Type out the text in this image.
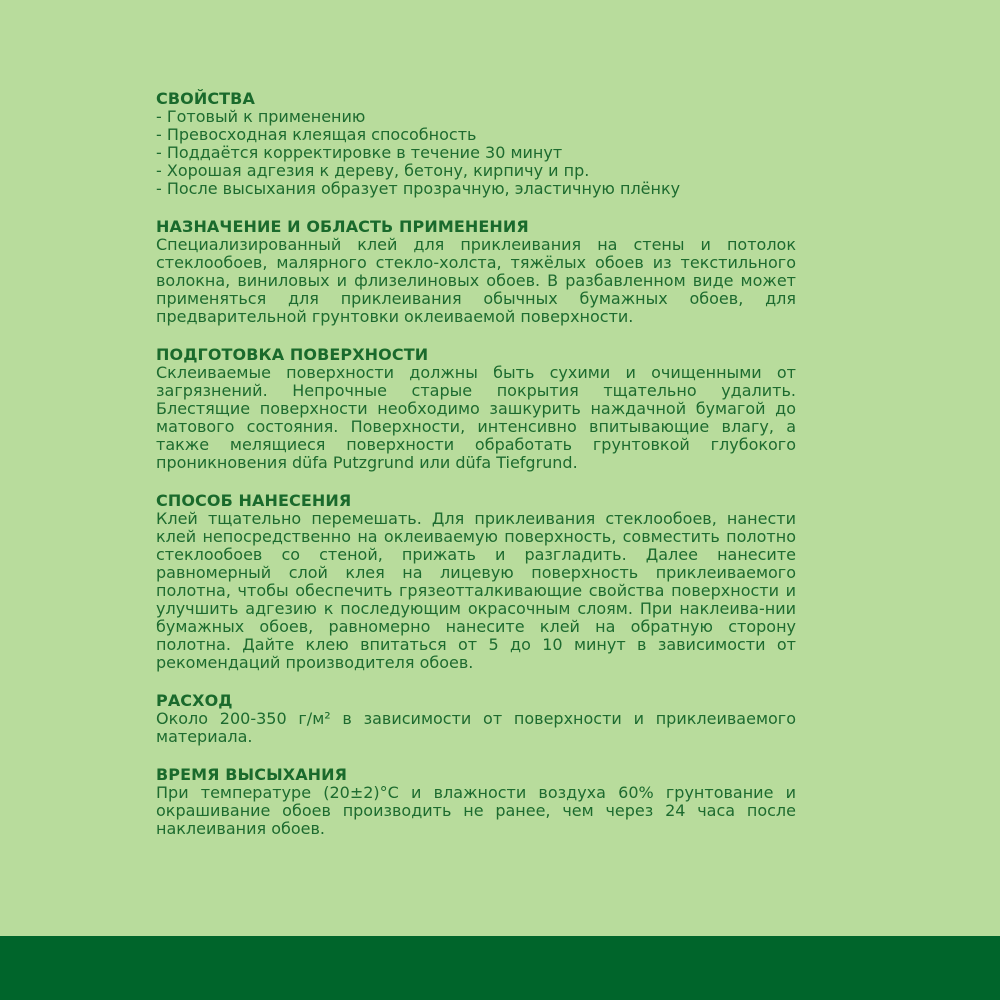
СВОЙСТВА
- Готовый к применению
- Превосходная клеящая способность
- Поддаётся корректировке в течение 30 минут
- Хорошая адгезия к дереву, бетону, кирпичу и пр.
- После высыхания образует прозрачную, эластичную плёнку
НАЗНАЧЕНИЕ И ОБЛАСТЬ ПРИМЕНЕНИЯ
Специализированный клей для приклеивания на стены и потолок стеклообоев, малярного стекло-холста, тяжёлых обоев из текстильного волокна, виниловых и флизелиновых обоев. В разбавленном виде может применяться для приклеивания обычных бумажных обоев, для предварительной грунтовки оклеиваемой поверхности.
ПОДГОТОВКА ПОВЕРХНОСТИ
Склеиваемые поверхности должны быть сухими и очищенными от загрязнений. Непрочные старые покрытия тщательно удалить. Блестящие поверхности необходимо зашкурить наждачной бумагой до матового состояния. Поверхности, интенсивно впитывающие влагу, а также мелящиеся поверхности обработать грунтовкой глубокого проникновения düfa Putzgrund или düfa Tiefgrund.
СПОСОБ НАНЕСЕНИЯ
Клей тщательно перемешать. Для приклеивания стеклообоев, нанести клей непосредственно на оклеиваемую поверхность, совместить полотно стеклообоев со стеной, прижать и разгладить. Далее нанесите равномерный слой клея на лицевую поверхность приклеиваемого полотна, чтобы обеспечить грязеотталкивающие свойства поверхности и улучшить адгезию к последующим окрасочным слоям. При наклеива-нии бумажных обоев, равномерно нанесите клей на обратную сторону полотна. Дайте клею впитаться от 5 до 10 минут в зависимости от рекомендаций производителя обоев.
РАСХОД
Около 200-350 г/м² в зависимости от поверхности и приклеиваемого материала.
ВРЕМЯ ВЫСЫХАНИЯ
При температуре (20±2)°С и влажности воздуха 60% грунтование и окрашивание обоев производить не ранее, чем через 24 часа после наклеивания обоев.
